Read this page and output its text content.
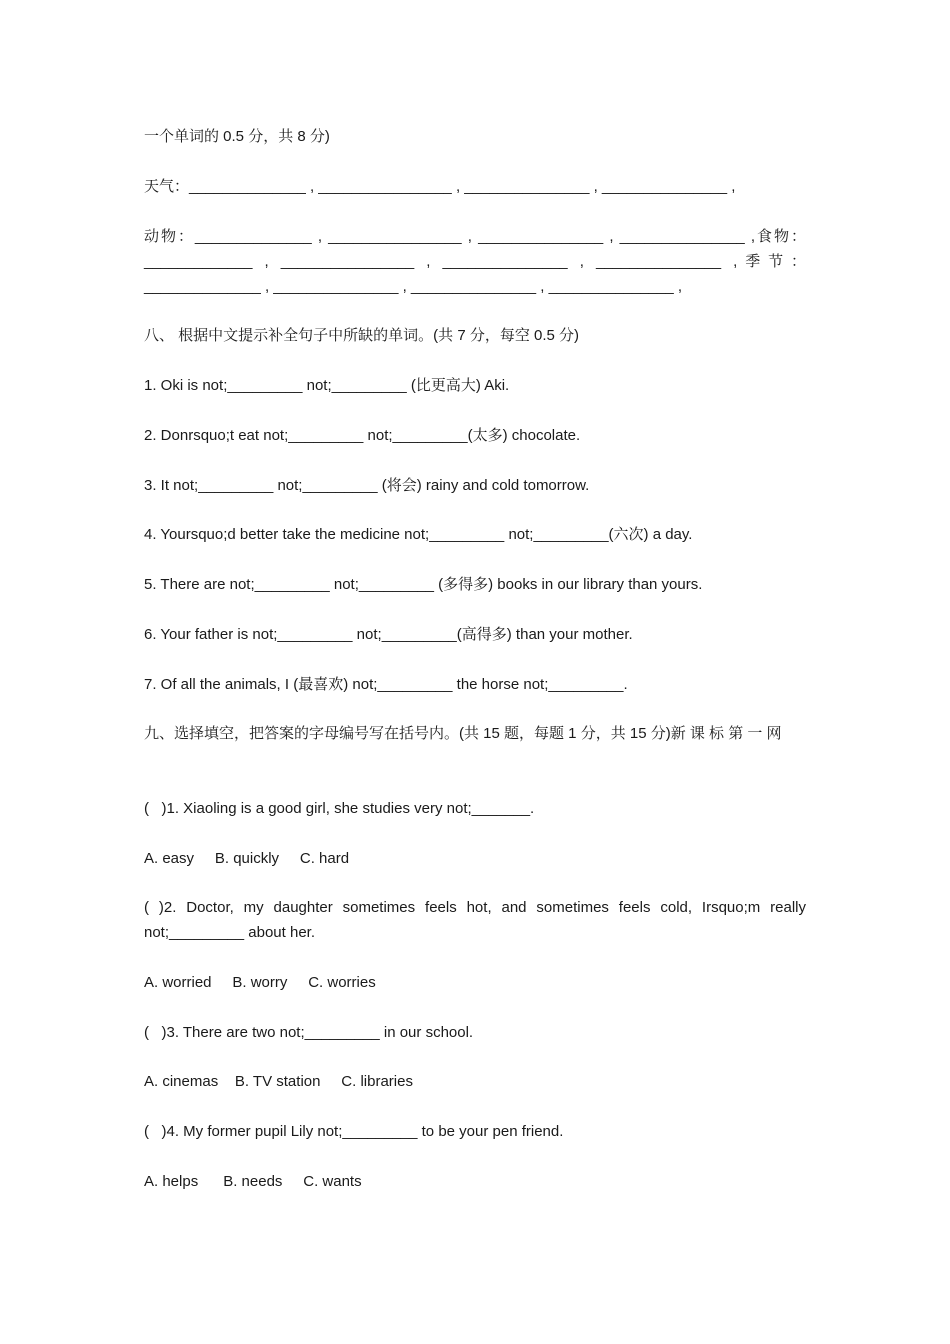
一个单词的 0.5 分，共 8 分)

天气：______________ , ________________ , _______________ , _______________ ,

动物：______________ , ________________ , _______________ , _______________ ,食物：_____________ , ________________ , _______________ , _______________ ,季节：______________ , _______________ , _______________ , _______________ ,

八、 根据中文提示补全句子中所缺的单词。(共 7 分，每空 0.5 分)

1. Oki is not;_________ not;_________ (比更高大) Aki.

2. Donrsquo;t eat not;_________ not;_________(太多) chocolate.

3. It not;_________ not;_________ (将会) rainy and cold tomorrow.

4. Yoursquo;d better take the medicine not;_________ not;_________(六次) a day.

5. There are not;_________ not;_________ (多得多) books in our library than yours.

6. Your father is not;_________ not;_________(高得多) than your mother.

7. Of all the animals, I (最喜欢) not;_________ the horse not;_________.

九、选择填空，把答案的字母编号写在括号内。(共 15 题，每题 1 分，共 15 分)新 课 标 第 一 网

(   )1. Xiaoling is a good girl, she studies very not;_______.

A. easy     B. quickly     C. hard

( )2. Doctor, my daughter sometimes feels hot, and sometimes feels cold, Irsquo;m really not;_________ about her.

A. worried     B. worry     C. worries

(   )3. There are two not;_________ in our school.

A. cinemas    B. TV station     C. libraries

(   )4. My former pupil Lily not;_________ to be your pen friend.

A. helps      B. needs     C. wants
